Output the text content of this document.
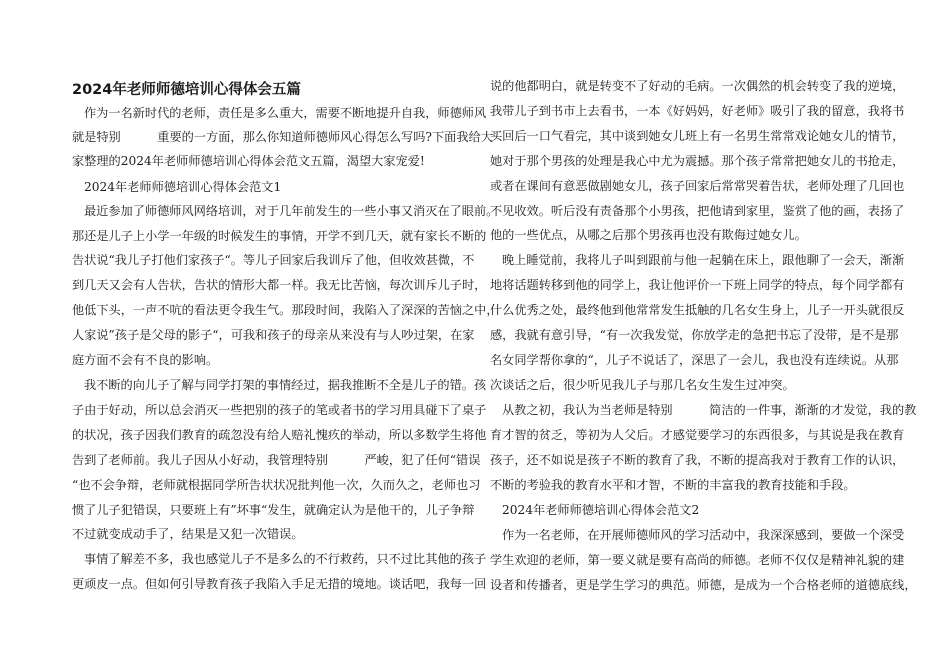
2024年老师师德培训心得体会五篇
作为一名新时代的老师，责任是多么重大，需要不断地提升自我，师德师风
就是特别　　　重要的一方面，那么你知道师德师风心得怎么写吗?下面我给大
家整理的2024年老师师德培训心得体会范文五篇，渴望大家宠爱!
2024年老师师德培训心得体会范文1
最近参加了师德师风网络培训，对于几年前发生的一些小事又消灭在了眼前。
那还是儿子上小学一年级的时候发生的事情，开学不到几天，就有家长不断的
告状说“我儿子打他们家孩子“。等儿子回家后我训斥了他，但收效甚微，不
到几天又会有人告状，告状的情形大都一样。我无比苦恼，每次训斥儿子时，
他低下头，一声不吭的看法更令我生气。那段时间，我陷入了深深的苦恼之中，
人家说”孩子是父母的影子“，可我和孩子的母亲从来没有与人吵过架，在家
庭方面不会有不良的影响。
我不断的向儿子了解与同学打架的事情经过，据我推断不全是儿子的错。孩
子由于好动，所以总会消灭一些把别的孩子的笔或者书的学习用具碰下了桌子
的状况，孩子因我们教育的疏忽没有给人赔礼愧疚的举动，所以多数学生将他
告到了老师前。我儿子因从小好动，我管理特别　　　严峻，犯了任何“错误
“也不会争辩，老师就根据同学所告状状况批判他一次，久而久之，老师也习
惯了儿子犯错误，只要班上有”坏事“发生，就确定认为是他干的，儿子争辩
不过就变成动手了，结果是又犯一次错误。
事情了解差不多，我也感觉儿子不是多么的不行救药，只不过比其他的孩子
更顽皮一点。但如何引导教育孩子我陷入手足无措的境地。谈话吧，我每一回
说的他都明白，就是转变不了好动的毛病。一次偶然的机会转变了我的逆境，
我带儿子到书市上去看书，一本《好妈妈，好老师》吸引了我的留意，我将书
买回后一口气看完，其中谈到她女儿班上有一名男生常常戏论她女儿的情节，
她对于那个男孩的处理是我心中尤为震撼。那个孩子常常把她女儿的书抢走，
或者在课间有意恶做剧她女儿，孩子回家后常常哭着告状，老师处理了几回也
不见收效。听后没有责备那个小男孩，把他请到家里，鉴赏了他的画，表扬了
他的一些优点，从哪之后那个男孩再也没有欺侮过她女儿。
晚上睡觉前，我将儿子叫到跟前与他一起躺在床上，跟他聊了一会天，渐渐
地将话题转移到他的同学上，我让他评价一下班上同学的特点，每个同学都有
什么优秀之处，最终他到他常常发生抵触的几名女生身上，儿子一开头就很反
感，我就有意引导，“有一次我发觉，你放学走的急把书忘了没带，是不是那
名女同学帮你拿的“，儿子不说话了，深思了一会儿，我也没有连续说。从那
次谈话之后，很少听见我儿子与那几名女生发生过冲突。
从教之初，我认为当老师是特别　　　简洁的一件事，渐渐的才发觉，我的教
育才智的贫乏，等初为人父后。才感觉要学习的东西很多，与其说是我在教育
孩子，还不如说是孩子不断的教育了我，不断的提高我对于教育工作的认识，
不断的考验我的教育水平和才智，不断的丰富我的教育技能和手段。
2024年老师师德培训心得体会范文2
作为一名老师，在开展师德师风的学习活动中，我深深感到，要做一个深受
学生欢迎的老师，第一要义就是要有高尚的师德。老师不仅仅是精神礼貌的建
设者和传播者，更是学生学习的典范。师德，是成为一个合格老师的道德底线，
